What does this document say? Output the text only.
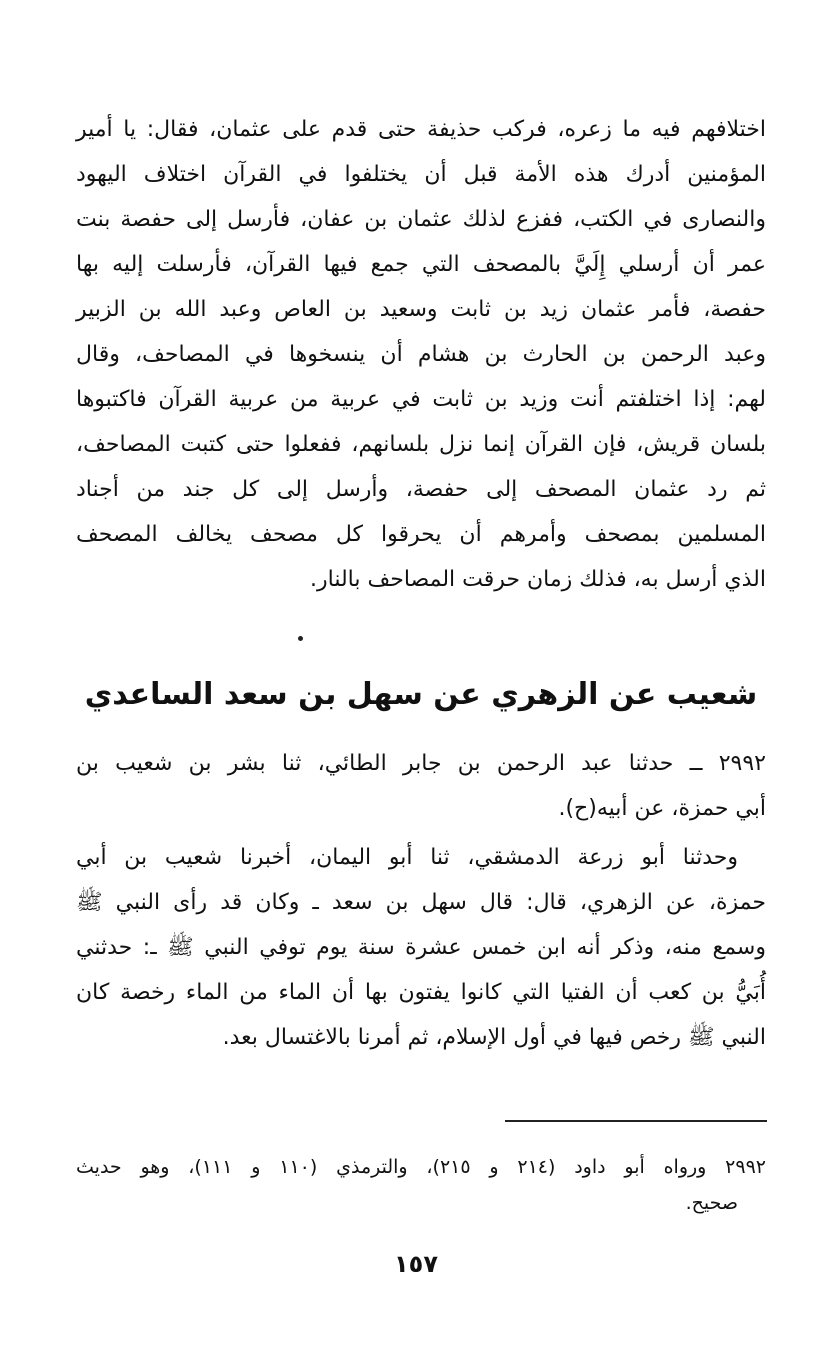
اختلافهم فيه ما زعره، فركب حذيفة حتى قدم على عثمان، فقال: يا أمير
المؤمنين أدرك هذه الأمة قبل أن يختلفوا في القرآن اختلاف اليهود
والنصارى في الكتب، ففزع لذلك عثمان بن عفان، فأرسل إلى حفصة بنت
عمر أن أرسلي إِلَيَّ بالمصحف التي جمع فيها القرآن، فأرسلت إليه بها
حفصة، فأمر عثمان زيد بن ثابت وسعيد بن العاص وعبد الله بن الزبير
وعبد الرحمن بن الحارث بن هشام أن ينسخوها في المصاحف، وقال
لهم: إذا اختلفتم أنت وزيد بن ثابت في عربية من عربية القرآن فاكتبوها
بلسان قريش، فإن القرآن إنما نزل بلسانهم، ففعلوا حتى كتبت المصاحف،
ثم رد عثمان المصحف إلى حفصة، وأرسل إلى كل جند من أجناد
المسلمين بمصحف وأمرهم أن يحرقوا كل مصحف يخالف المصحف
الذي أرسل به، فذلك زمان حرقت المصاحف بالنار.
شعيب عن الزهري عن سهل بن سعد الساعدي
٢٩٩٢ ــ حدثنا عبد الرحمن بن جابر الطائي، ثنا بشر بن شعيب بن
أبي حمزة، عن أبيه(ح).
وحدثنا أبو زرعة الدمشقي، ثنا أبو اليمان، أخبرنا شعيب بن أبي
حمزة، عن الزهري، قال: قال سهل بن سعد ـ وكان قد رأى النبي ﷺ
وسمع منه، وذكر أنه ابن خمس عشرة سنة يوم توفي النبي ﷺ ـ: حدثني
أُبَيُّ بن كعب أن الفتيا التي كانوا يفتون بها أن الماء من الماء رخصة كان
النبي ﷺ رخص فيها في أول الإسلام، ثم أمرنا بالاغتسال بعد.
٢٩٩٢ ورواه أبو داود (٢١٤ و ٢١٥)، والترمذي (١١٠ و ١١١)، وهو حديث
صحيح.
١٥٧
